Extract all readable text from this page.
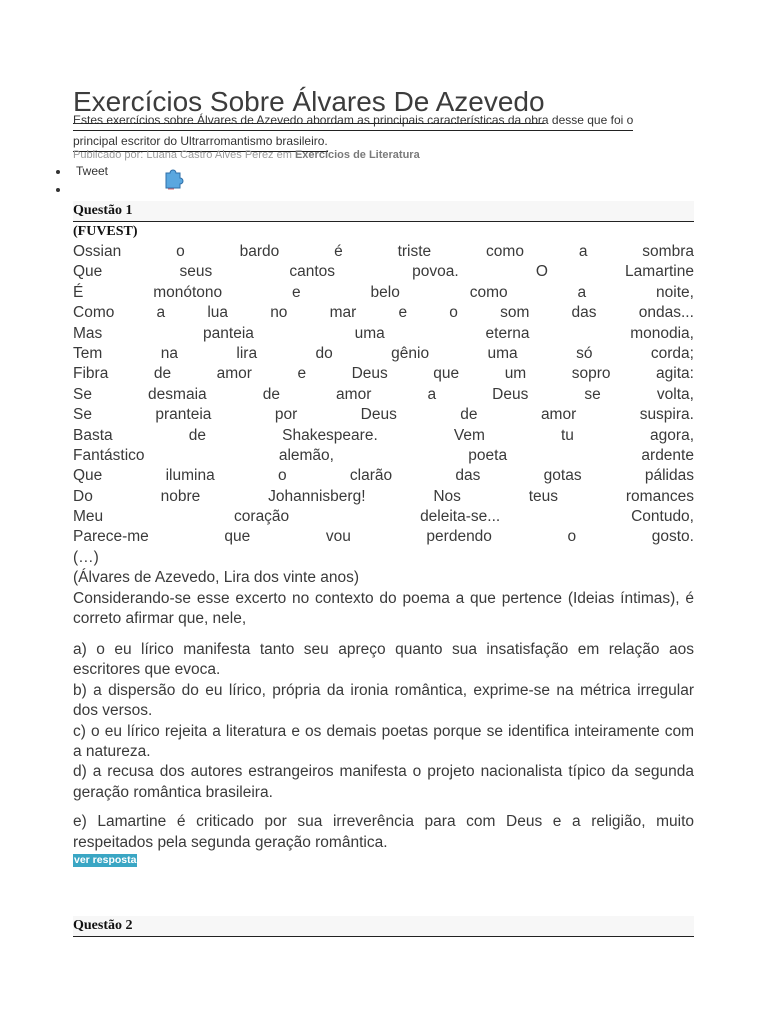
Exercícios Sobre Álvares De Azevedo
Estes exercícios sobre Álvares de Azevedo abordam as principais características da obra desse que foi o
principal escritor do Ultrarromantismo brasileiro.
Publicado por: Luana Castro Alves Perez em Exercícios de Literatura
• Tweet
•
Questão 1
(FUVEST)
Ossian	o	bardo	é	triste	como	a	sombra
Que	seus	cantos	povoa.	O	Lamartine
É	monótono	e	belo	como	a	noite,
Como	a	lua	no	mar	e	o	som	das	ondas...
Mas	panteia	uma	eterna	monodia,
Tem	na	lira	do	gênio	uma	só	corda;
Fibra	de	amor	e	Deus	que	um	sopro	agita:
Se	desmaia	de	amor	a	Deus	se	volta,
Se	pranteia	por	Deus	de	amor	suspira.
Basta	de	Shakespeare.	Vem	tu	agora,
Fantástico	alemão,	poeta	ardente
Que	ilumina	o	clarão	das	gotas	pálidas
Do	nobre	Johannisberg!	Nos	teus	romances
Meu	coração	deleita-se...	Contudo,
Parece-me	que	vou	perdendo	o	gosto.
(…)
(Álvares de Azevedo, Lira dos vinte anos)
Considerando-se esse excerto no contexto do poema a que pertence (Ideias íntimas), é correto afirmar que, nele,
a) o eu lírico manifesta tanto seu apreço quanto sua insatisfação em relação aos escritores que evoca.
b) a dispersão do eu lírico, própria da ironia romântica, exprime-se na métrica irregular dos versos.
c) o eu lírico rejeita a literatura e os demais poetas porque se identifica inteiramente com a natureza.
d) a recusa dos autores estrangeiros manifesta o projeto nacionalista típico da segunda geração romântica brasileira.
e) Lamartine é criticado por sua irreverência para com Deus e a religião, muito respeitados pela segunda geração romântica.
ver resposta
Questão 2
